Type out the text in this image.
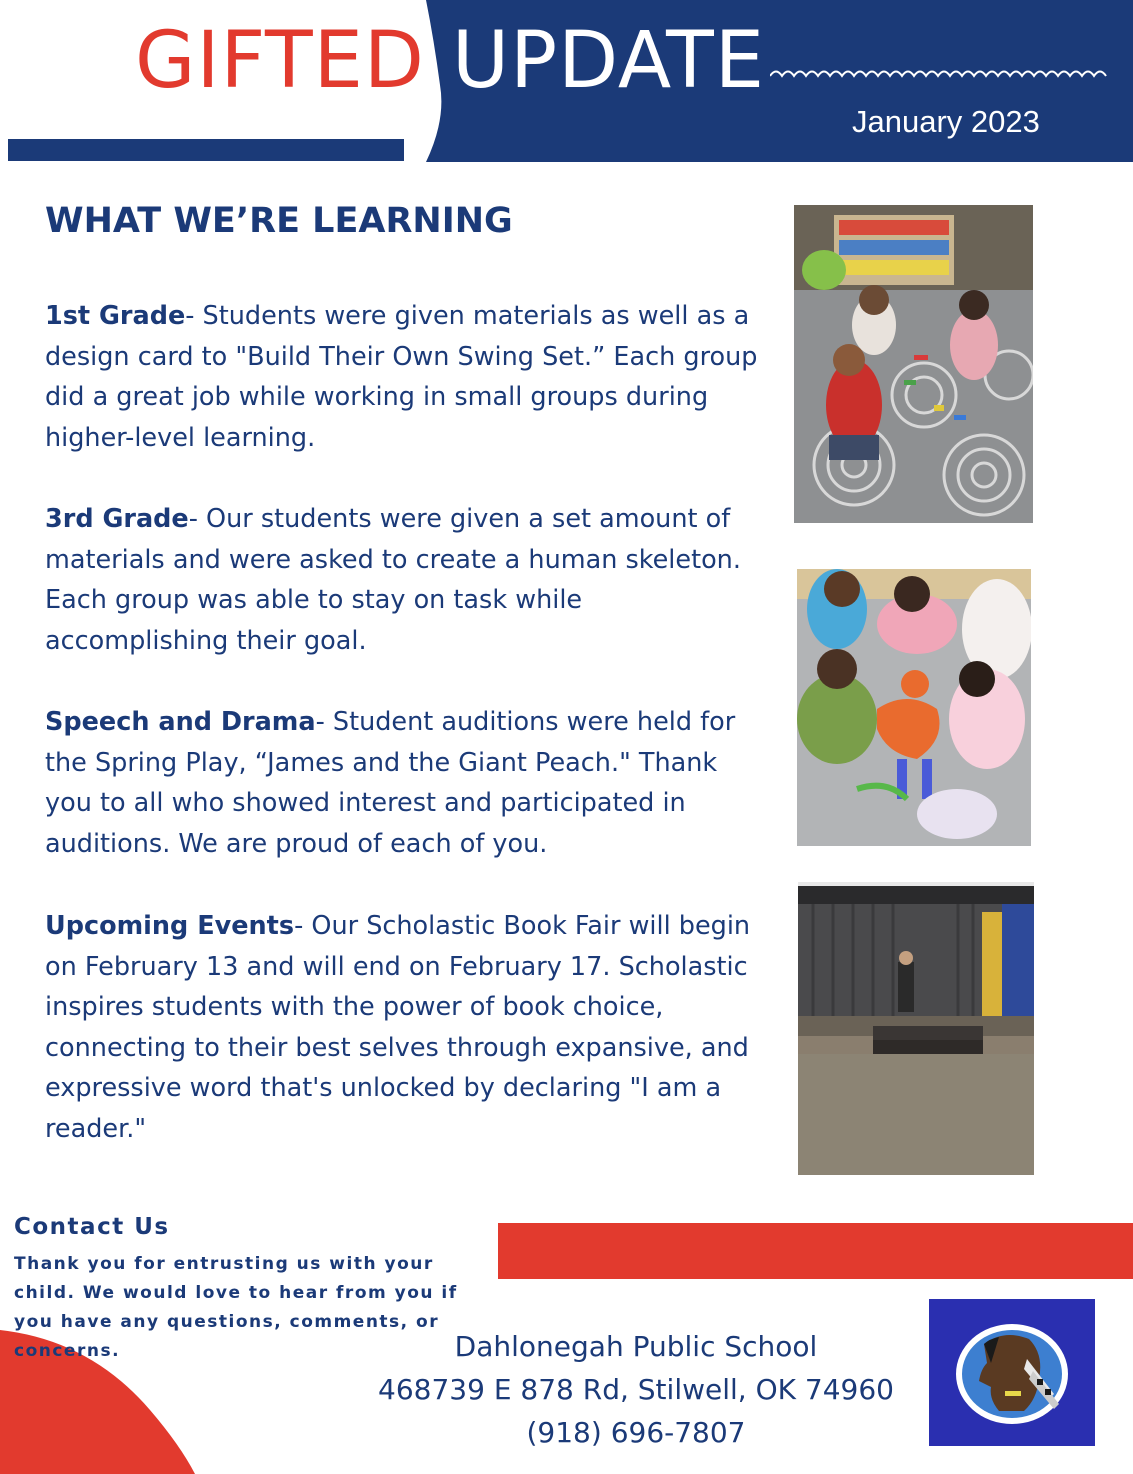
GIFTED UPDATE
January 2023
WHAT WE’RE LEARNING
1st Grade- Students were given materials as well as a design card to "Build Their Own Swing Set.” Each group did a great job while working in small groups during higher-level learning.
3rd Grade- Our students were given a set amount of materials and were asked to create a human skeleton. Each group was able to stay on task while accomplishing their goal.
Speech and Drama- Student auditions were held for the Spring Play, “James and the Giant Peach." Thank you to all who showed interest and participated in auditions. We are proud of each of you.
Upcoming Events- Our Scholastic Book Fair will begin on February 13 and will end on February 17. Scholastic inspires students with the power of book choice, connecting to their best selves through expansive, and expressive word that's unlocked by declaring "I am a reader."
Contact Us
Thank you for entrusting us with your child. We would love to hear from you if you have any questions, comments, or concerns.	Dahlonegah Public School
468739 E 878 Rd, Stilwell, OK 74960
(918) 696-7807
